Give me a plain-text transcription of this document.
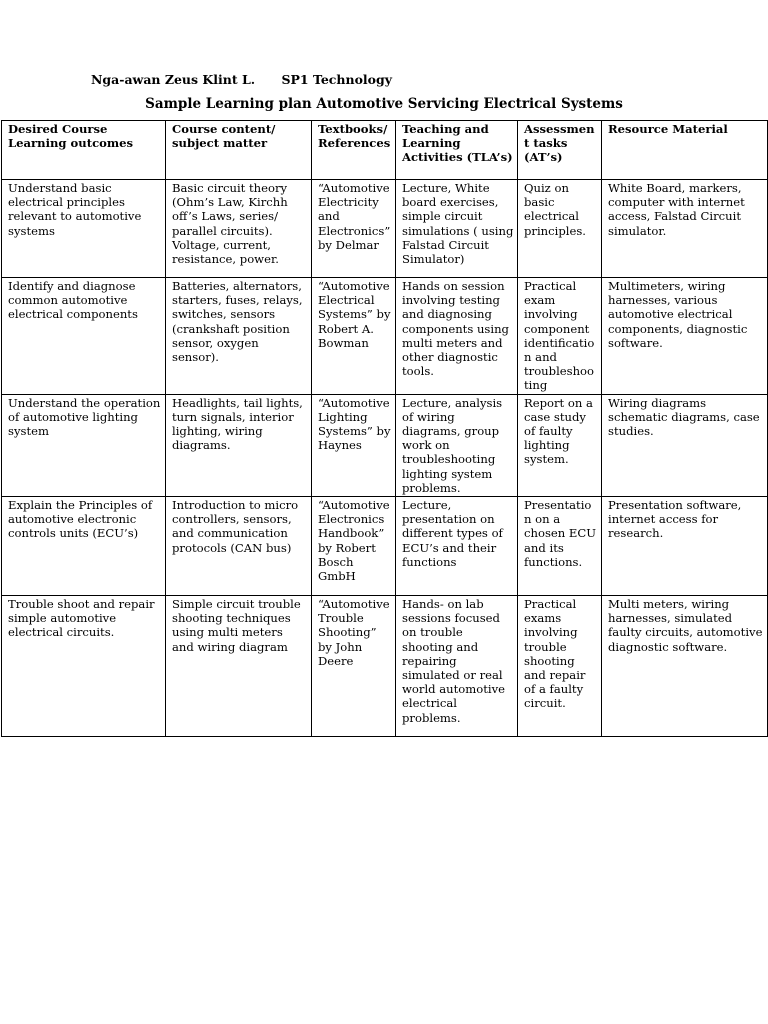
Nga-awan Zeus Klint L. SP1 Technology
Sample Learning plan Automotive Servicing Electrical Systems
Desired Course Learning outcomes	Course content/ subject matter	Textbooks/ References	Teaching and Learning Activities (TLA’s)	Assessment tasks (AT’s)	Resource Material
Understand basic electrical principles relevant to automotive systems	Basic circuit theory (Ohm’s Law, Kirchh off’s Laws, series/ parallel circuits). Voltage, current, resistance, power.	“Automotive Electricity and Electronics” by Delmar	Lecture, White board exercises, simple circuit simulations ( using Falstad Circuit Simulator)	Quiz on basic electrical principles.	White Board, markers, computer with internet access, Falstad Circuit simulator.
Identify and diagnose common automotive electrical components	Batteries, alternators, starters, fuses, relays, switches, sensors (crankshaft position sensor, oxygen sensor).	“Automotive Electrical Systems” by Robert A. Bowman	Hands on session involving testing and diagnosing components using multi meters and other diagnostic tools.	Practical exam involving component identification and troubleshooting	Multimeters, wiring harnesses, various automotive electrical components, diagnostic software.
Understand the operation of automotive lighting system	Headlights, tail lights, turn signals, interior lighting, wiring diagrams.	“Automotive Lighting Systems” by Haynes	Lecture, analysis of wiring diagrams, group work on troubleshooting lighting system problems.	Report on a case study of faulty lighting system.	Wiring diagrams schematic diagrams, case studies.
Explain the Principles of automotive electronic controls units (ECU’s)	Introduction to micro controllers, sensors, and communication protocols (CAN bus)	“Automotive Electronics Handbook” by Robert Bosch GmbH	Lecture, presentation on different types of ECU’s and their functions	Presentation on a chosen ECU and its functions.	Presentation software, internet access for research.
Trouble shoot and repair simple automotive electrical circuits.	Simple circuit trouble shooting techniques using multi meters and wiring diagram	“Automotive Trouble Shooting” by John Deere	Hands- on lab sessions focused on trouble shooting and repairing simulated or real world automotive electrical problems.	Practical exams involving trouble shooting and repair of a faulty circuit.	Multi meters, wiring harnesses, simulated faulty circuits, automotive diagnostic software.
